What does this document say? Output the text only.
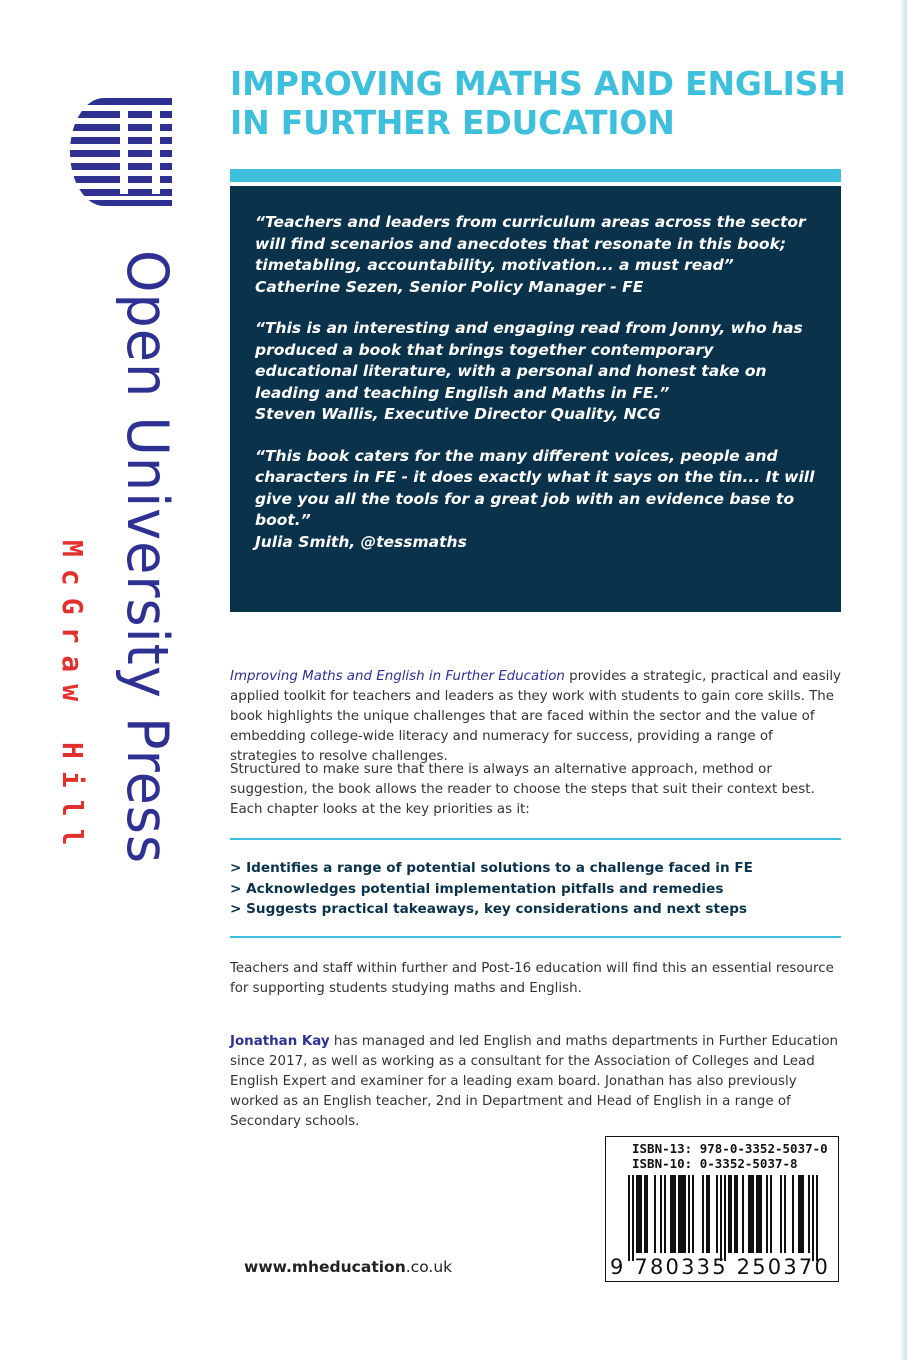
Open University Press
McGraw Hill
IMPROVING MATHS AND ENGLISH IN FURTHER EDUCATION
“Teachers and leaders from curriculum areas across the sector will find scenarios and anecdotes that resonate in this book; timetabling, accountability, motivation... a must read”
Catherine Sezen, Senior Policy Manager - FE
“This is an interesting and engaging read from Jonny, who has produced a book that brings together contemporary educational literature, with a personal and honest take on leading and teaching English and Maths in FE.”
Steven Wallis, Executive Director Quality, NCG
“This book caters for the many different voices, people and characters in FE - it does exactly what it says on the tin... It will give you all the tools for a great job with an evidence base to boot.”
Julia Smith, @tessmaths

Improving Maths and English in Further Education provides a strategic, practical and easily applied toolkit for teachers and leaders as they work with students to gain core skills. The book highlights the unique challenges that are faced within the sector and the value of embedding college-wide literacy and numeracy for success, providing a range of strategies to resolve challenges.

Structured to make sure that there is always an alternative approach, method or suggestion, the book allows the reader to choose the steps that suit their context best. Each chapter looks at the key priorities as it:

> Identifies a range of potential solutions to a challenge faced in FE
> Acknowledges potential implementation pitfalls and remedies
> Suggests practical takeaways, key considerations and next steps

Teachers and staff within further and Post-16 education will find this an essential resource for supporting students studying maths and English.

Jonathan Kay has managed and led English and maths departments in Further Education since 2017, as well as working as a consultant for the Association of Colleges and Lead English Expert and examiner for a leading exam board. Jonathan has also previously worked as an English teacher, 2nd in Department and Head of English in a range of Secondary schools.

www.mheducation.co.uk
ISBN-13: 978-0-3352-5037-0
ISBN-10: 0-3352-5037-8
9 780335 250370
